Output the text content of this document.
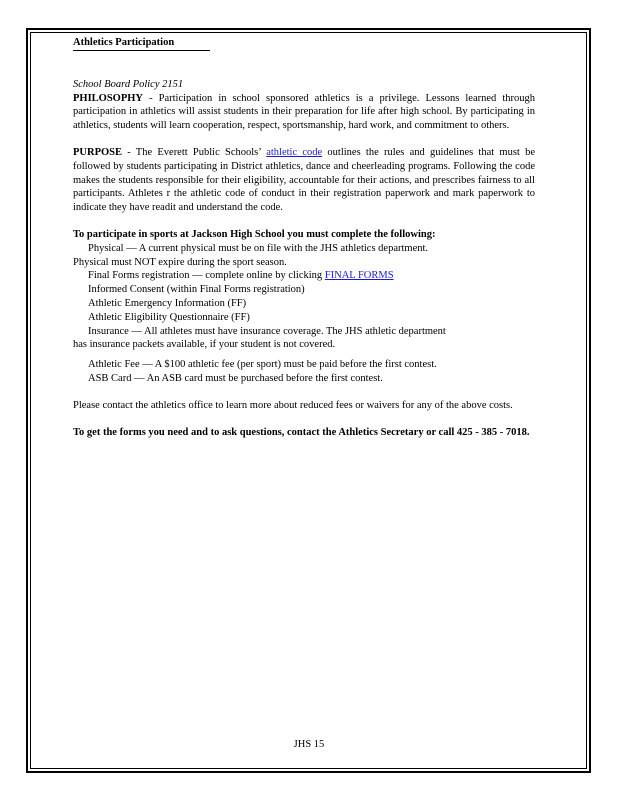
Athletics Participation

School Board Policy 2151

PHILOSOPHY - Participation in school sponsored athletics is a privilege. Lessons learned through participation in athletics will assist students in their preparation for life after high school. By participating in athletics, students will learn cooperation, respect, sportsmanship, hard work, and commitment to others.

PURPOSE - The Everett Public Schools’ athletic code outlines the rules and guidelines that must be followed by students participating in District athletics, dance and cheerleading programs. Following the code makes the students responsible for their eligibility, accountable for their actions, and prescribes fairness to all participants. Athletes r the athletic code of conduct in their registration paperwork and mark paperwork to indicate they have readit and understand the code.

To participate in sports at Jackson High School you must complete the following:

Physical — A current physical must be on file with the JHS athletics department.

Physical must NOT expire during the sport season.

Final Forms registration — complete online by clicking FINAL FORMS

Informed Consent (within Final Forms registration)

Athletic Emergency Information (FF)

Athletic Eligibility Questionnaire (FF)

Insurance — All athletes must have insurance coverage. The JHS athletic department

has insurance packets available, if your student is not covered.

Athletic Fee — A $100 athletic fee (per sport) must be paid before the first contest.

ASB Card — An ASB card must be purchased before the first contest.

Please contact the athletics office to learn more about reduced fees or waivers for any of the above costs.

To get the forms you need and to ask questions, contact the Athletics Secretary or call 425 - 385 - 7018.

JHS 15
